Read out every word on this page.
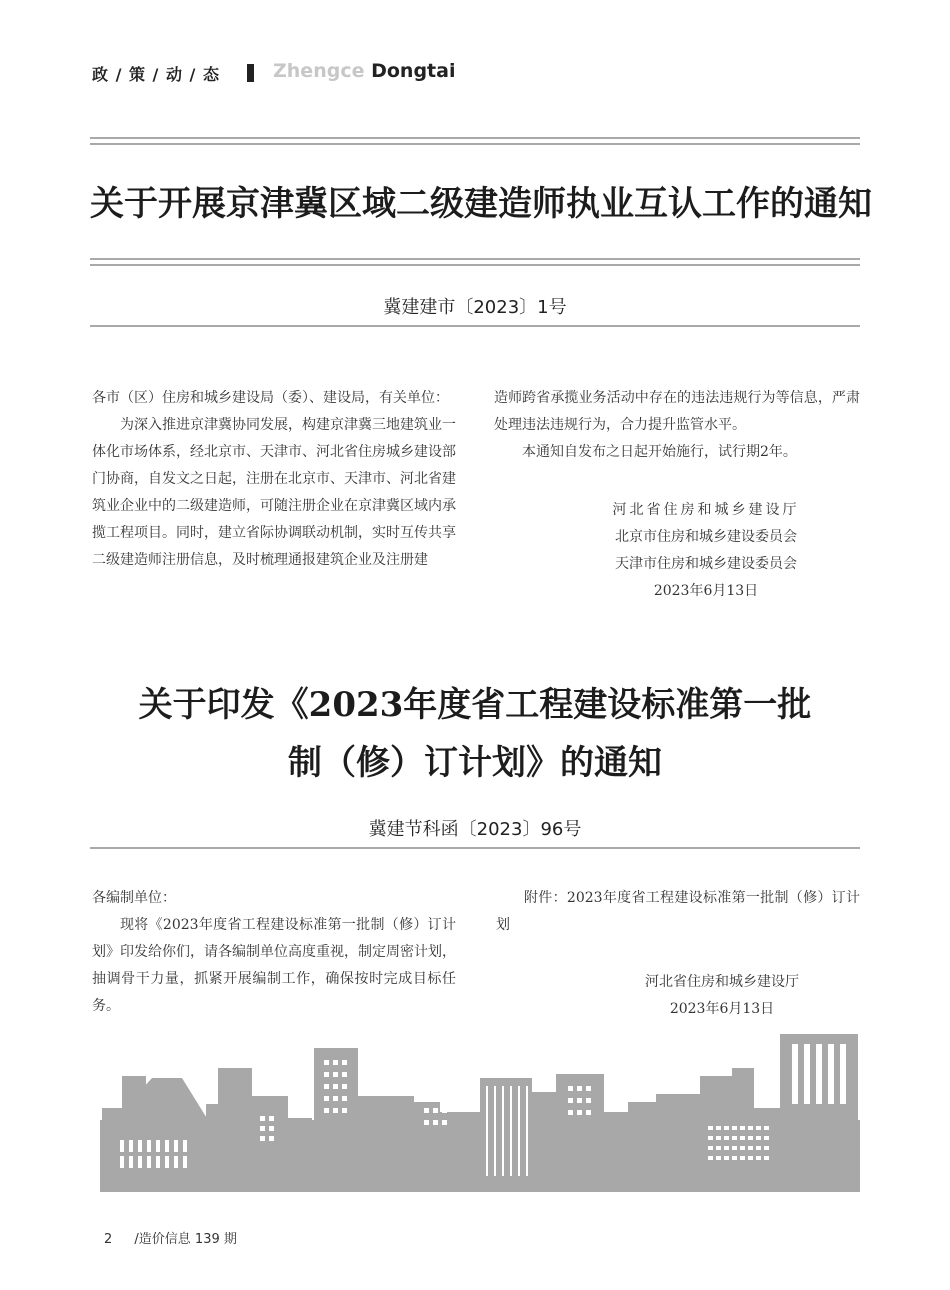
政 / 策 / 动 / 态	Zhengce Dongtai
关于开展京津冀区域二级建造师执业互认工作的通知
冀建建市〔2023〕1号

各市（区）住房和城乡建设局（委）、建设局，有关单位：

为深入推进京津冀协同发展，构建京津冀三地建筑业一体化市场体系，经北京市、天津市、河北省住房城乡建设部门协商，自发文之日起，注册在北京市、天津市、河北省建筑业企业中的二级建造师，可随注册企业在京津冀区域内承揽工程项目。同时，建立省际协调联动机制，实时互传共享二级建造师注册信息，及时梳理通报建筑企业及注册建

造师跨省承揽业务活动中存在的违法违规行为等信息，严肃处理违法违规行为，合力提升监管水平。

本通知自发布之日起开始施行，试行期2年。

河北省住房和城乡建设厅
北京市住房和城乡建设委员会
天津市住房和城乡建设委员会
2023年6月13日
关于印发《2023年度省工程建设标准第一批
制（修）订计划》的通知
冀建节科函〔2023〕96号

各编制单位：

现将《2023年度省工程建设标准第一批制（修）订计划》印发给你们，请各编制单位高度重视，制定周密计划，抽调骨干力量，抓紧开展编制工作，确保按时完成目标任务。

附件：2023年度省工程建设标准第一批制（修）订计划

河北省住房和城乡建设厅
2023年6月13日
2 /造价信息 139 期
